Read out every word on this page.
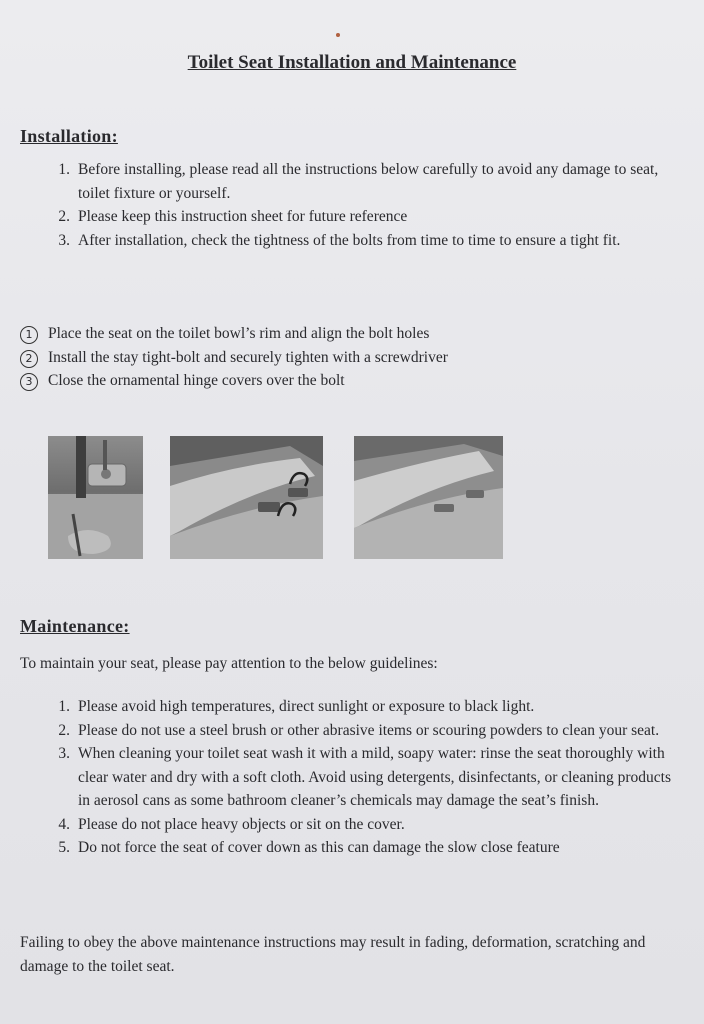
Toilet Seat Installation and Maintenance
Installation:
1. Before installing, please read all the instructions below carefully to avoid any damage to seat, toilet fixture or yourself.
2. Please keep this instruction sheet for future reference
3. After installation, check the tightness of the bolts from time to time to ensure a tight fit.
1	Place the seat on the toilet bowl’s rim and align the bolt holes
2	Install the stay tight-bolt and securely tighten with a screwdriver
3	Close the ornamental hinge covers over the bolt
Maintenance:

To maintain your seat, please pay attention to the below guidelines:

1. Please avoid high temperatures, direct sunlight or exposure to black light.
2. Please do not use a steel brush or other abrasive items or scouring powders to clean your seat.
3. When cleaning your toilet seat wash it with a mild, soapy water: rinse the seat thoroughly with clear water and dry with a soft cloth. Avoid using detergents, disinfectants, or cleaning products in aerosol cans as some bathroom cleaner’s chemicals may damage the seat’s finish.
4. Please do not place heavy objects or sit on the cover.
5. Do not force the seat of cover down as this can damage the slow close feature

Failing to obey the above maintenance instructions may result in fading, deformation, scratching and damage to the toilet seat.
